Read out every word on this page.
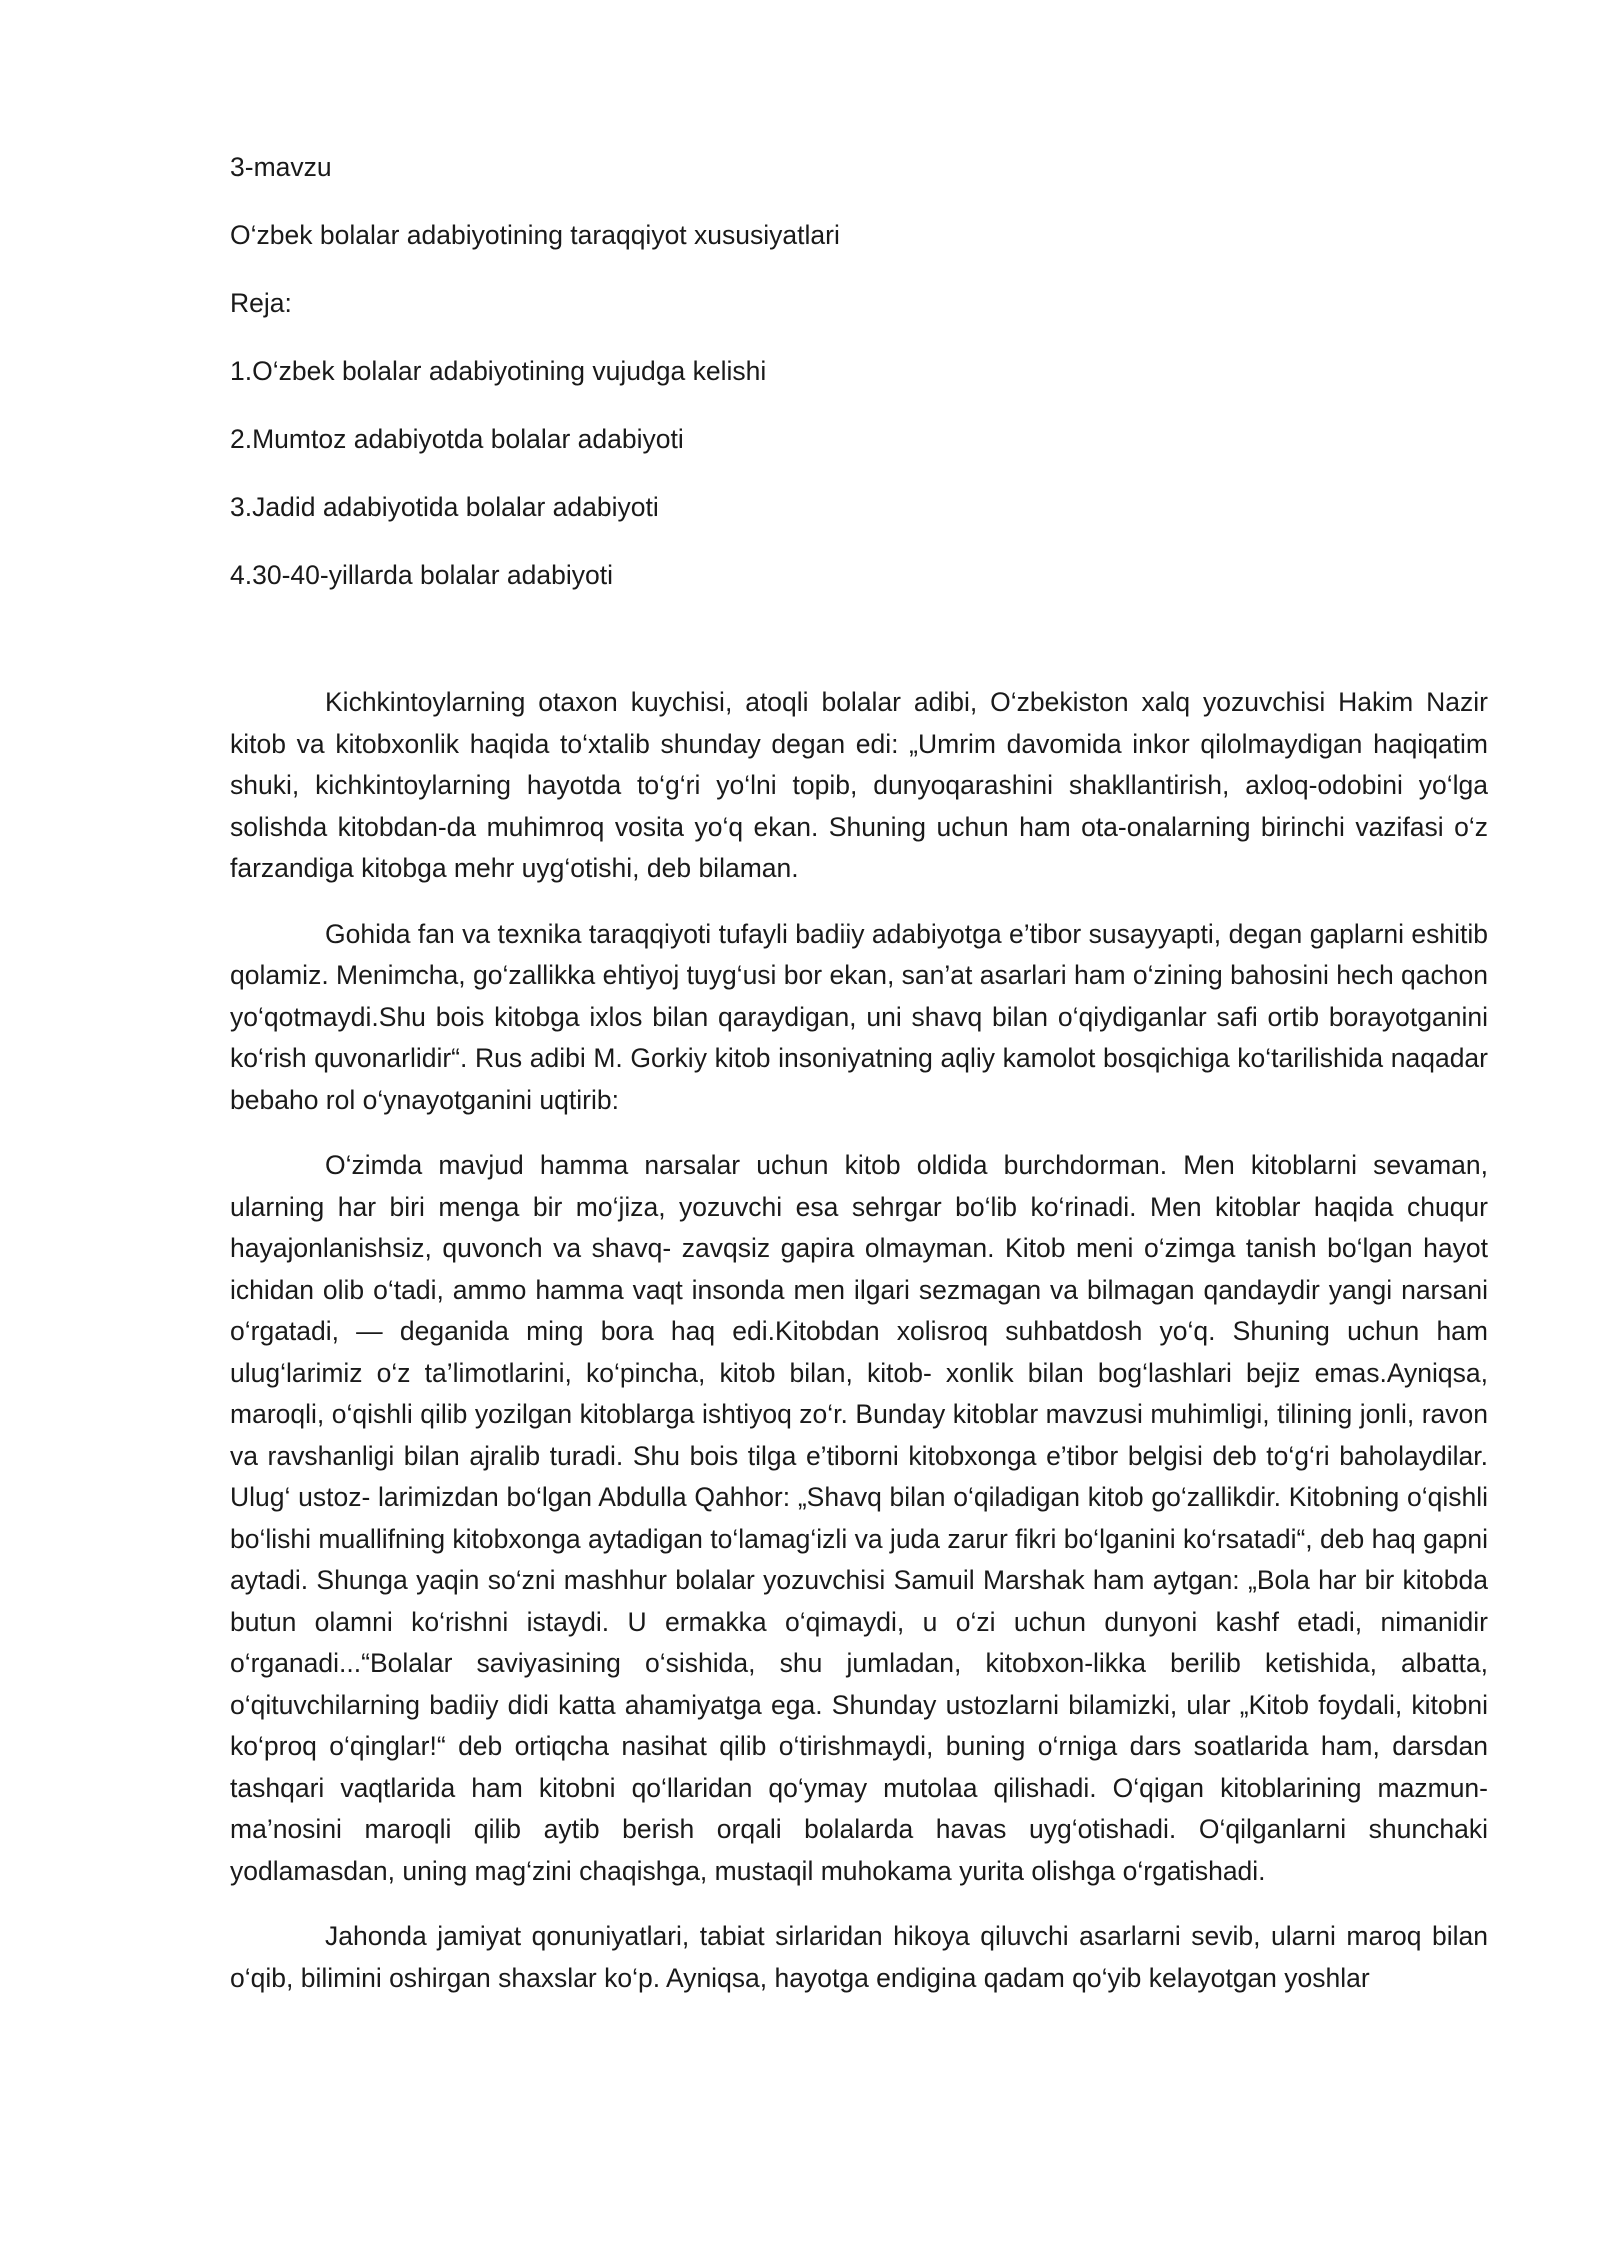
3-mavzu

O‘zbek bolalar adabiyotining taraqqiyot xususiyatlari

Reja:

1.O‘zbek bolalar adabiyotining vujudga kelishi

2.Mumtoz adabiyotda bolalar adabiyoti

3.Jadid adabiyotida bolalar adabiyoti

4.30-40-yillarda bolalar adabiyoti

Kichkintoylarning otaxon kuychisi, atoqli bolalar adibi, O‘zbekiston xalq yozuvchisi Hakim Nazir kitob va kitobxonlik haqida to‘xtalib shunday degan edi: „Umrim davomida inkor qilolmaydigan haqiqatim shuki, kichkintoylarning hayotda to‘g‘ri yo‘lni topib, dunyoqarashini shakllantirish, axloq-odobini yo‘lga solishda kitobdan-da muhimroq vosita yo‘q ekan. Shuning uchun ham ota-onalarning birinchi vazifasi o‘z farzandiga kitobga mehr uyg‘otishi, deb bilaman.

Gohida fan va texnika taraqqiyoti tufayli badiiy adabiyotga e’tibor susayyapti, degan gaplarni eshitib qolamiz. Menimcha, go‘zallikka ehtiyoj tuyg‘usi bor ekan, san’at asarlari ham o‘zining bahosini hech qachon yo‘qotmaydi.Shu bois kitobga ixlos bilan qaraydigan, uni shavq bilan o‘qiydiganlar safi ortib borayotganini ko‘rish quvonarlidir“. Rus adibi M. Gorkiy kitob insoniyatning aqliy kamolot bosqichiga ko‘tarilishida naqadar bebaho rol o‘ynayotganini uqtirib:

O‘zimda mavjud hamma narsalar uchun kitob oldida burchdorman. Men kitoblarni sevaman, ularning har biri menga bir mo‘jiza, yozuvchi esa sehrgar bo‘lib ko‘rinadi. Men kitoblar haqida chuqur hayajonlanishsiz, quvonch va shavq- zavqsiz gapira olmayman. Kitob meni o‘zimga tanish bo‘lgan hayot ichidan olib o‘tadi, ammo hamma vaqt insonda men ilgari sezmagan va bilmagan qandaydir yangi narsani o‘rgatadi, — deganida ming bora haq edi.Kitobdan xolisroq suhbatdosh yo‘q. Shuning uchun ham ulug‘larimiz o‘z ta’limotlarini, ko‘pincha, kitob bilan, kitob- xonlik bilan bog‘lashlari bejiz emas.Ayniqsa, maroqli, o‘qishli qilib yozilgan kitoblarga ishtiyoq zo‘r. Bunday kitoblar mavzusi muhimligi, tilining jonli, ravon va ravshanligi bilan ajralib turadi. Shu bois tilga e’tiborni kitobxonga e’tibor belgisi deb to‘g‘ri baholaydilar. Ulug‘ ustoz- larimizdan bo‘lgan Abdulla Qahhor: „Shavq bilan o‘qiladigan kitob go‘zallikdir. Kitobning o‘qishli bo‘lishi muallifning kitobxonga aytadigan to‘lamag‘izli va juda zarur fikri bo‘lganini ko‘rsatadi“, deb haq gapni aytadi. Shunga yaqin so‘zni mashhur bolalar yozuvchisi Samuil Marshak ham aytgan: „Bola har bir kitobda butun olamni ko‘rishni istaydi. U ermakka o‘qimaydi, u o‘zi uchun dunyoni kashf etadi, nimanidir o‘rganadi...“Bolalar saviyasining o‘sishida, shu jumladan, kitobxon-likka berilib ketishida, albatta, o‘qituvchilarning badiiy didi katta ahamiyatga ega. Shunday ustozlarni bilamizki, ular „Kitob foydali, kitobni ko‘proq o‘qinglar!“ deb ortiqcha nasihat qilib o‘tirishmaydi, buning o‘rniga dars soatlarida ham, darsdan tashqari vaqtlarida ham kitobni qo‘llaridan qo‘ymay mutolaa qilishadi. O‘qigan kitoblarining mazmun-ma’nosini maroqli qilib aytib berish orqali bolalarda havas uyg‘otishadi. O‘qilganlarni shunchaki yodlamasdan, uning mag‘zini chaqishga, mustaqil muhokama yurita olishga o‘rgatishadi.

Jahonda jamiyat qonuniyatlari, tabiat sirlaridan hikoya qiluvchi asarlarni sevib, ularni maroq bilan o‘qib, bilimini oshirgan shaxslar ko‘p. Ayniqsa, hayotga endigina qadam qo‘yib kelayotgan yoshlar
